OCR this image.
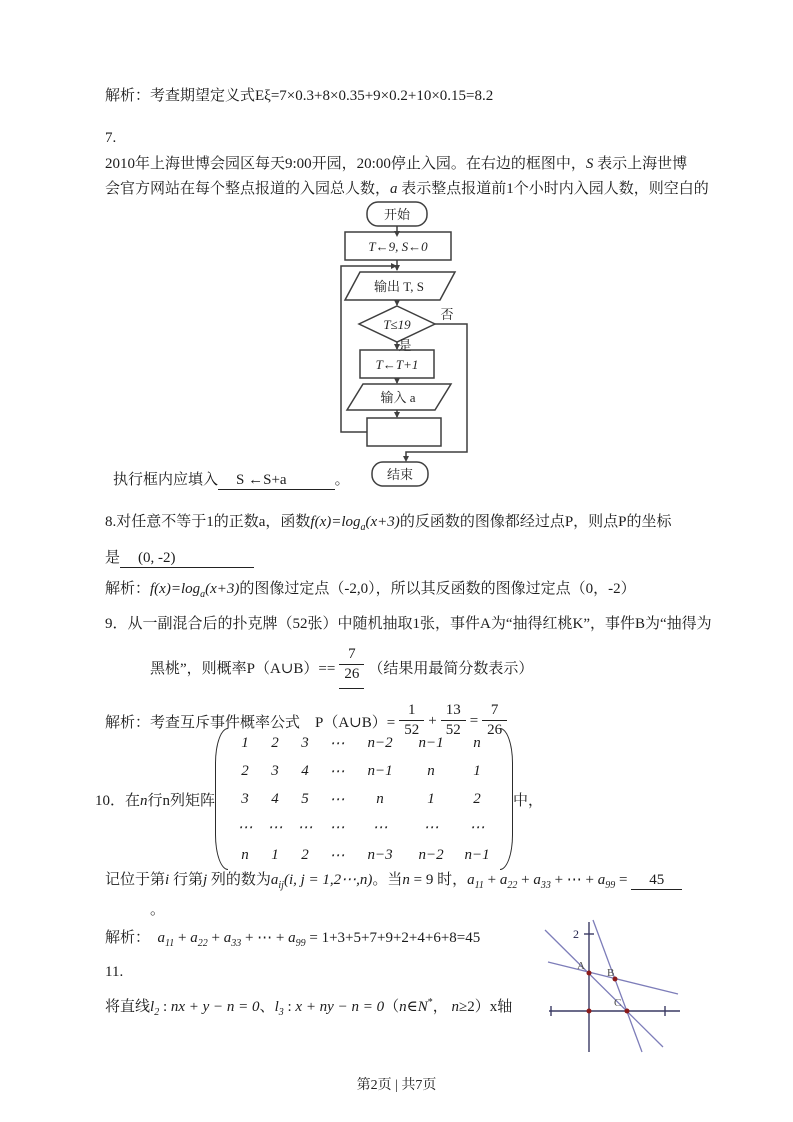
解析：考查期望定义式Eξ=7×0.3+8×0.35+9×0.2+10×0.15=8.2
7.
2010年上海世博会园区每天9:00开园，20:00停止入园。在右边的框图中，S 表示上海世博
会官方网站在每个整点报道的入园总人数，a 表示整点报道前1个小时内入园人数，则空白的
开始
T←9, S←0
输出 T, S
T≤19
否
是
T←T+1
输入 a
结束
执行框内应填入　S ←S+a　　　。
8.对任意不等于1的正数a，函数$f(x)=\log_a(x+3)$的反函数的图像都经过点P，则点P的坐标
是　(0, -2)　　　　　
解析：$f(x)=\log_a(x+3)$的图像过定点（-2,0），所以其反函数的图像过定点（0，-2）
9．从一副混合后的扑克牌（52张）中随机抽取1张，事件A为“抽得红桃K”，事件B为“抽得为
黑桃”，则概率P（A∪B）== $\frac{7}{26}$ （结果用最简分数表示）
解析：考查互斥事件概率公式　P（A∪B）= $\frac{1}{52} + \frac{13}{52} = \frac{7}{26}$
10．在n行n列矩阵
1	2	3	⋯	n−2	n−1	n
2	3	4	⋯	n−1	n	1
3	4	5	⋯	n	1	2
⋯	⋯	⋯	⋯	⋯	⋯	⋯
n	1	2	⋯	n−3	n−2	n−1
中，
记位于第i 行第j 列的数为$a_{ij}(i$, j = 1,2⋯,n)。当n = 9 时，$a_{11} + a_{22} + a_{33}$ + ⋯ + $a_{99}$ = 　45　
。
解析：　$a_{11} + a_{22} + a_{33}$ + ⋯ + $a_{99} = 1+3+5+7+9+2+4+6+8=45$
11.
将直线$l_2$ : nx + y − n = 0、$l_3$ : x + ny − n = 0（n∈N*， n≥2）x轴
2
A
B
C
第2页 | 共7页
